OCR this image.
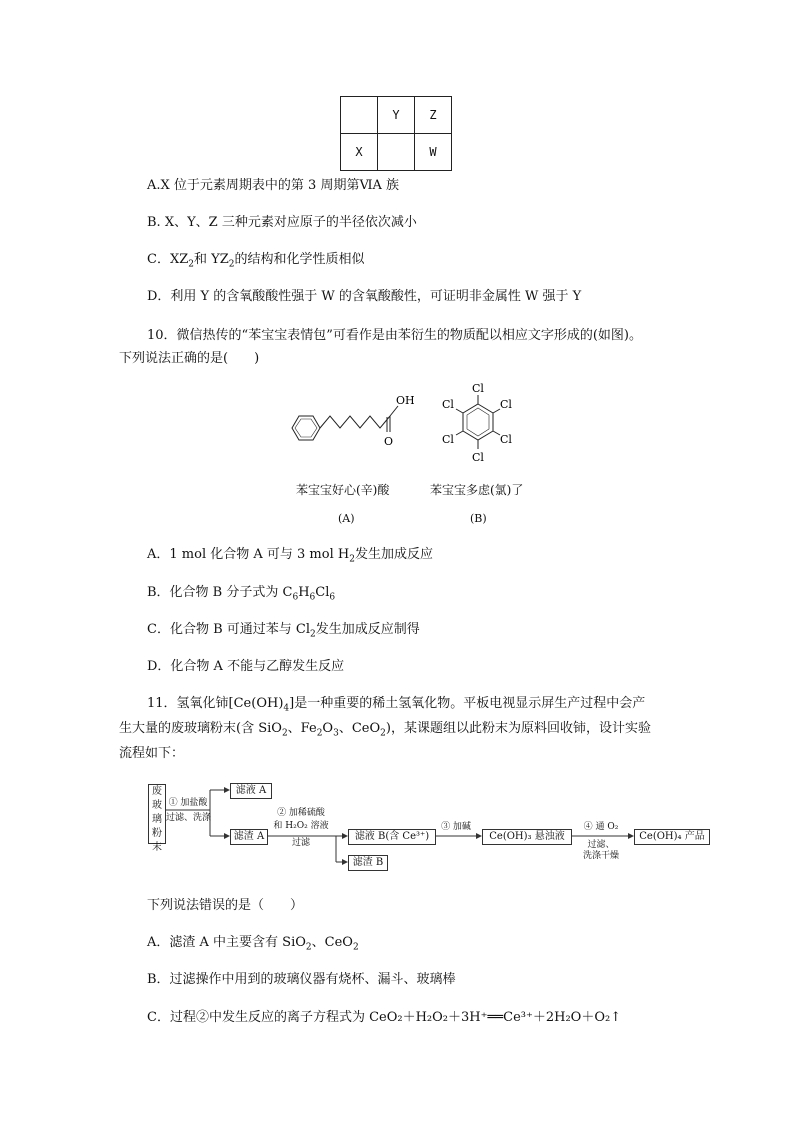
	Y	Z
X		W
A.X 位于元素周期表中的第 3 周期第ⅥA 族
B. X、Y、Z 三种元素对应原子的半径依次减小
C．$XZ_2$和 $YZ_2$的结构和化学性质相似
D．利用 Y 的含氧酸酸性强于 W 的含氧酸酸性，可证明非金属性 W 强于 Y
10．微信热传的“苯宝宝表情包”可看作是由苯衍生的物质配以相应文字形成的(如图)。
下列说法正确的是(　　)
OH
O
Cl
Cl
Cl
Cl
Cl
Cl
苯宝宝好心(辛)酸	苯宝宝多虑(氯)了
(A)	(B)
A．1 mol 化合物 A 可与 3 mol $H_2$发生加成反应
B．化合物 B 分子式为 $C_6H_6Cl_6$
C．化合物 B 可通过苯与 $Cl_2$发生加成反应制得
D．化合物 A 不能与乙醇发生反应
11．氢氧化铈$[Ce(OH)_4]$是一种重要的稀土氢氧化物。平板电视显示屏生产过程中会产
生大量的废玻璃粉末(含 SiO$_2$、$Fe_2O_3$、CeO$_2$)，某课题组以此粉末为原料回收铈，设计实验
流程如下：
废玻璃粉末
① 加盐酸
过滤、洗涤
滤液 A
滤渣 A
② 加稀硫酸
和 H₂O₂ 溶液
过滤
滤液 B(含 Ce³⁺)
滤渣 B
③ 加碱
Ce(OH)₃ 悬浊液
④ 通 O₂
过滤、
洗涤干燥
Ce(OH)₄ 产品
下列说法错误的是（　　）
A．滤渣 A 中主要含有 SiO$_2$、CeO$_2$
B．过滤操作中用到的玻璃仪器有烧杯、漏斗、玻璃棒
C．过程②中发生反应的离子方程式为 CeO₂＋H₂O₂＋3H⁺══Ce³⁺＋2H₂O＋O₂↑
